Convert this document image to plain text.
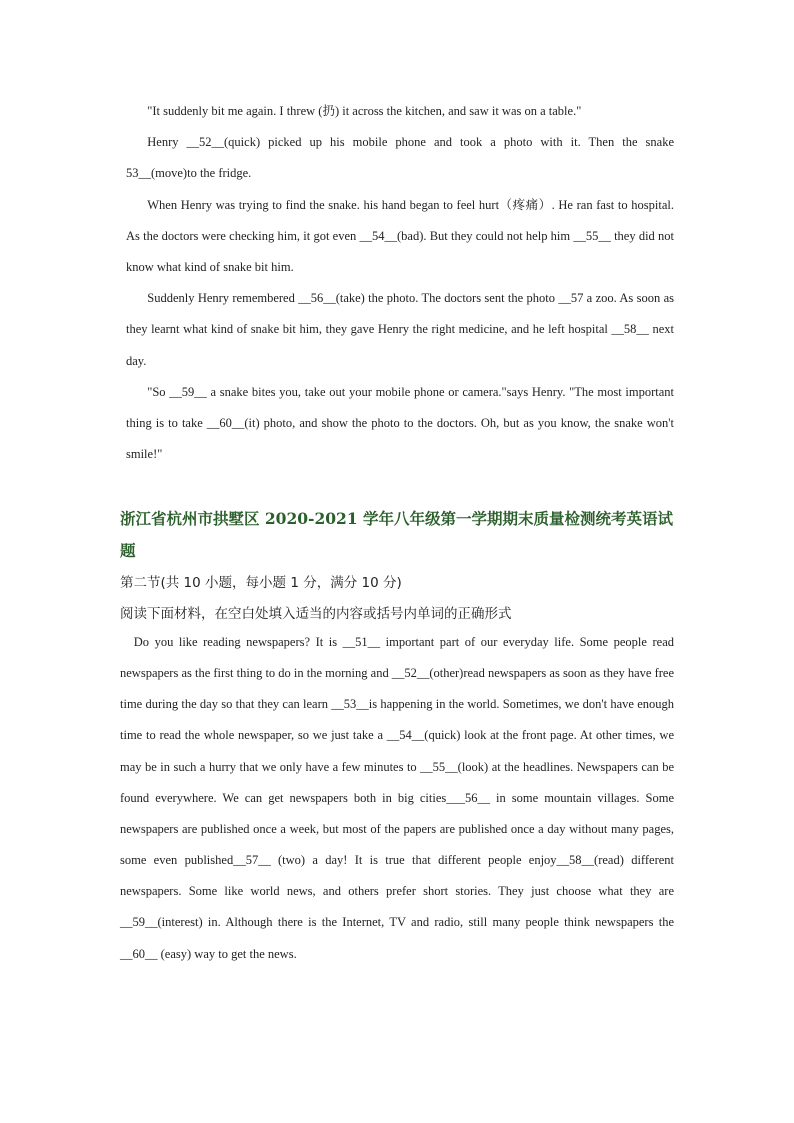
"It suddenly bit me again. I threw (扔) it across the kitchen, and saw it was on a table."

Henry __52__(quick) picked up his mobile phone and took a photo with it. Then the snake 53__(move)to the fridge.

When Henry was trying to find the snake. his hand began to feel hurt（疼痛）. He ran fast to hospital. As the doctors were checking him, it got even __54__(bad). But they could not help him __55__ they did not know what kind of snake bit him.

Suddenly Henry remembered __56__(take) the photo. The doctors sent the photo __57 a zoo. As soon as they learnt what kind of snake bit him, they gave Henry the right medicine, and he left hospital __58__ next day.

"So __59__ a snake bites you, take out your mobile phone or camera."says Henry. "The most important thing is to take __60__(it) photo, and show the photo to the doctors. Oh, but as you know, the snake won't smile!"

浙江省杭州市拱墅区 2020-2021 学年八年级第一学期期末质量检测统考英语试题
第二节(共 10 小题，每小题 1 分，满分 10 分)
阅读下面材料，在空白处填入适当的内容或括号内单词的正确形式

Do you like reading newspapers? It is __51__ important part of our everyday life. Some people read newspapers as the first thing to do in the morning and __52__(other)read newspapers as soon as they have free time during the day so that they can learn __53__is happening in the world. Sometimes, we don't have enough time to read the whole newspaper, so we just take a __54__(quick) look at the front page. At other times, we may be in such a hurry that we only have a few minutes to __55__(look) at the headlines. Newspapers can be found everywhere. We can get newspapers both in big cities___56__ in some mountain villages. Some newspapers are published once a week, but most of the papers are published once a day without many pages, some even published__57__ (two) a day! It is true that different people enjoy__58__(read) different newspapers. Some like world news, and others prefer short stories. They just choose what they are __59__(interest) in. Although there is the Internet, TV and radio, still many people think newspapers the __60__ (easy) way to get the news.
